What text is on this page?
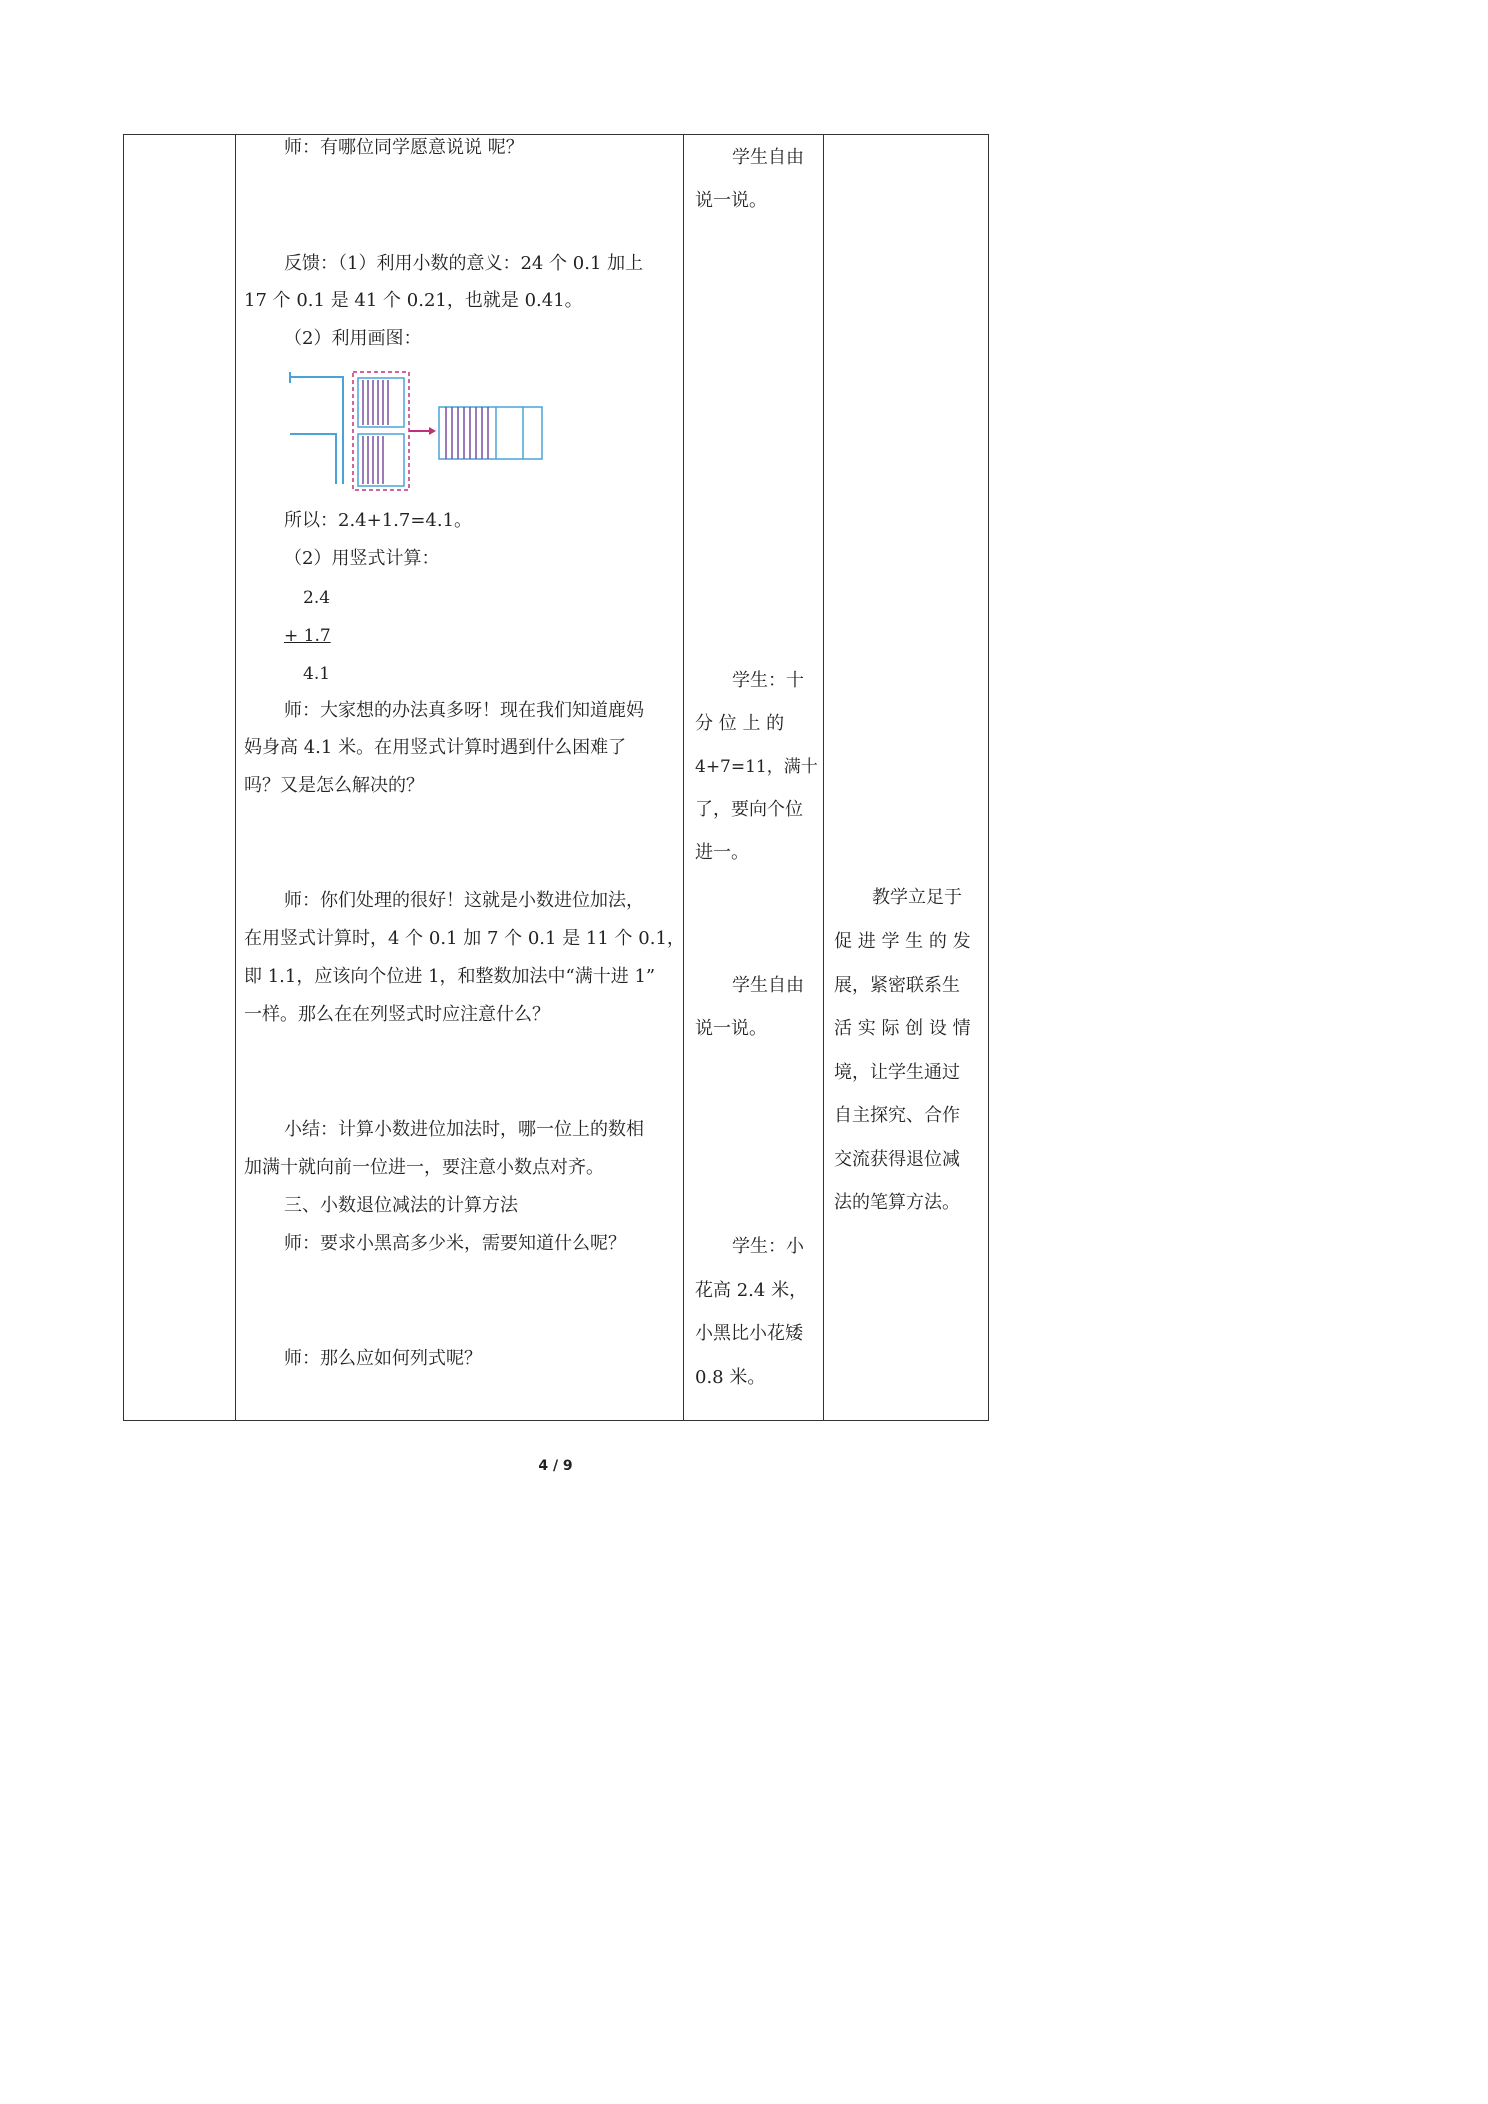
师：有哪位同学愿意说说 呢？
反馈：（1）利用小数的意义：24 个 0.1 加上
17 个 0.1 是 41 个 0.21，也就是 0.41。
（2）利用画图：
所以：2.4+1.7=4.1。
（2）用竖式计算：
2.4
+ 1.7
4.1
师：大家想的办法真多呀！现在我们知道鹿妈
妈身高 4.1 米。在用竖式计算时遇到什么困难了
吗？又是怎么解决的？
师：你们处理的很好！这就是小数进位加法，
在用竖式计算时，4 个 0.1 加 7 个 0.1 是 11 个 0.1，
即 1.1，应该向个位进 1，和整数加法中“满十进 1”
一样。那么在在列竖式时应注意什么？
小结：计算小数进位加法时，哪一位上的数相
加满十就向前一位进一，要注意小数点对齐。
三、小数退位减法的计算方法
师：要求小黑高多少米，需要知道什么呢？
师：那么应如何列式呢？
学生自由
说一说。
学生：十
分 位 上 的
4+7=11，满十
了，要向个位
进一。
学生自由
说一说。
学生：小
花高 2.4 米，
小黑比小花矮
0.8 米。
教学立足于
促 进 学 生 的 发
展，紧密联系生
活 实 际 创 设 情
境，让学生通过
自主探究、合作
交流获得退位减
法的笔算方法。
4 / 9
